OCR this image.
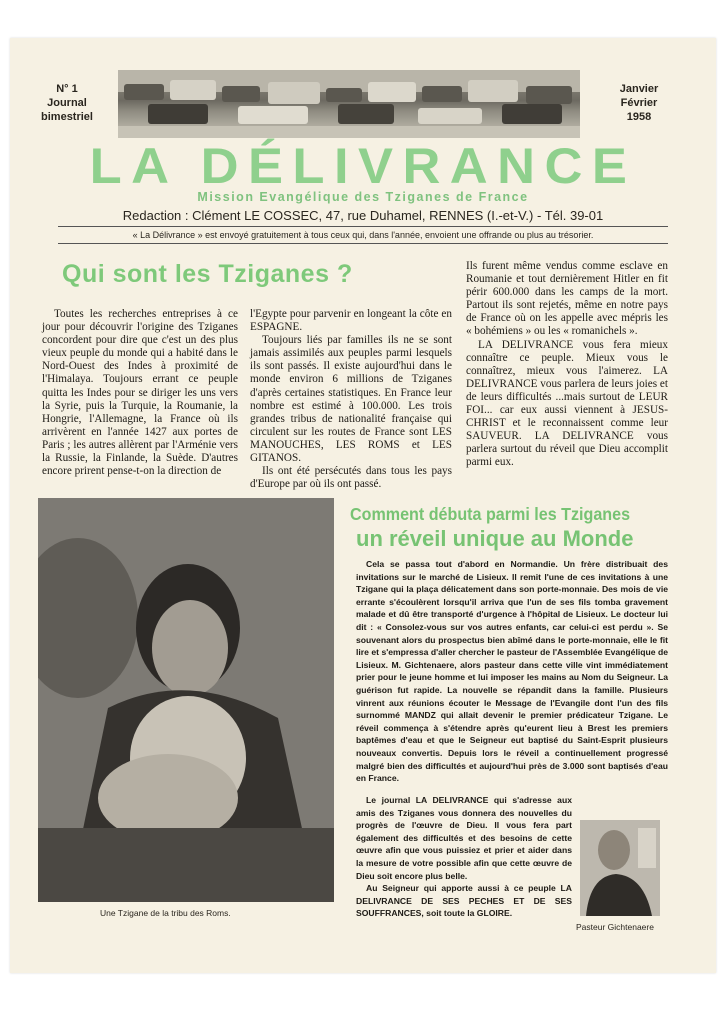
N° 1
Journal
bimestriel
Janvier
Février
1958
LA DÉLIVRANCE
Mission Evangélique des Tziganes de France
Redaction : Clément LE COSSEC, 47, rue Duhamel, RENNES (I.-et-V.) - Tél. 39-01
« La Délivrance » est envoyé gratuitement à tous ceux qui, dans l'année, envoient une offrande ou plus au trésorier.
Qui sont les Tziganes ?

Toutes les recherches entreprises à ce jour pour découvrir l'origine des Tziganes concordent pour dire que c'est un des plus vieux peuple du monde qui a habité dans le Nord-Ouest des Indes à proximité de l'Himalaya. Toujours errant ce peuple quitta les Indes pour se diriger les uns vers la Syrie, puis la Turquie, la Roumanie, la Hongrie, l'Allemagne, la France où ils arrivèrent en l'année 1427 aux portes de Paris ; les autres allèrent par l'Arménie vers la Russie, la Finlande, la Suède. D'autres encore prirent pense-t-on la direction de

l'Egypte pour parvenir en longeant la côte en ESPAGNE.

Toujours liés par familles ils ne se sont jamais assimilés aux peuples parmi lesquels ils sont passés. Il existe aujourd'hui dans le monde environ 6 millions de Tziganes d'après certaines statistiques. En France leur nombre est estimé à 100.000. Les trois grandes tribus de nationalité française qui circulent sur les routes de France sont LES MANOUCHES, LES ROMS et LES GITANOS.

Ils ont été persécutés dans tous les pays d'Europe par où ils ont passé.

Ils furent même vendus comme esclave en Roumanie et tout dernièrement Hitler en fit périr 600.000 dans les camps de la mort. Partout ils sont rejetés, même en notre pays de France où on les appelle avec mépris les « bohémiens » ou les « romanichels ».

LA DELIVRANCE vous fera mieux connaître ce peuple. Mieux vous le connaîtrez, mieux vous l'aimerez. LA DELIVRANCE vous parlera de leurs joies et de leurs difficultés ...mais surtout de LEUR FOI... car eux aussi viennent à JESUS-CHRIST et le reconnaissent comme leur SAUVEUR. LA DELIVRANCE vous parlera surtout du réveil que Dieu accomplit parmi eux.

Une Tzigane de la tribu des Roms.
Comment débuta parmi les Tziganes
un réveil unique au Monde

Cela se passa tout d'abord en Normandie. Un frère distribuait des invitations sur le marché de Lisieux. Il remit l'une de ces invitations à une Tzigane qui la plaça délicatement dans son porte-monnaie. Des mois de vie errante s'écoulèrent lorsqu'il arriva que l'un de ses fils tomba gravement malade et dû être transporté d'urgence à l'hôpital de Lisieux. Le docteur lui dit : « Consolez-vous sur vos autres enfants, car celui-ci est perdu ». Se souvenant alors du prospectus bien abîmé dans le porte-monnaie, elle le fit lire et s'empressa d'aller chercher le pasteur de l'Assemblée Evangélique de Lisieux. M. Gichtenaere, alors pasteur dans cette ville vint immédiatement prier pour le jeune homme et lui imposer les mains au Nom du Seigneur. La guérison fut rapide. La nouvelle se répandit dans la famille. Plusieurs vinrent aux réunions écouter le Message de l'Evangile dont l'un des fils surnommé MANDZ qui allait devenir le premier prédicateur Tzigane. Le réveil commença à s'étendre après qu'eurent lieu à Brest les premiers baptêmes d'eau et que le Seigneur eut baptisé du Saint-Esprit plusieurs nouveaux convertis. Depuis lors le réveil a continuellement progressé malgré bien des difficultés et aujourd'hui près de 3.000 sont baptisés d'eau en France.

Le journal LA DELIVRANCE qui s'adresse aux amis des Tziganes vous donnera des nouvelles du progrès de l'œuvre de Dieu. Il vous fera part également des difficultés et des besoins de cette œuvre afin que vous puissiez et prier et aider dans la mesure de votre possible afin que cette œuvre de Dieu soit encore plus belle.

Au Seigneur qui apporte aussi à ce peuple LA DELIVRANCE DE SES PECHES ET DE SES SOUFFRANCES, soit toute la GLOIRE.

Pasteur Gichtenaere
